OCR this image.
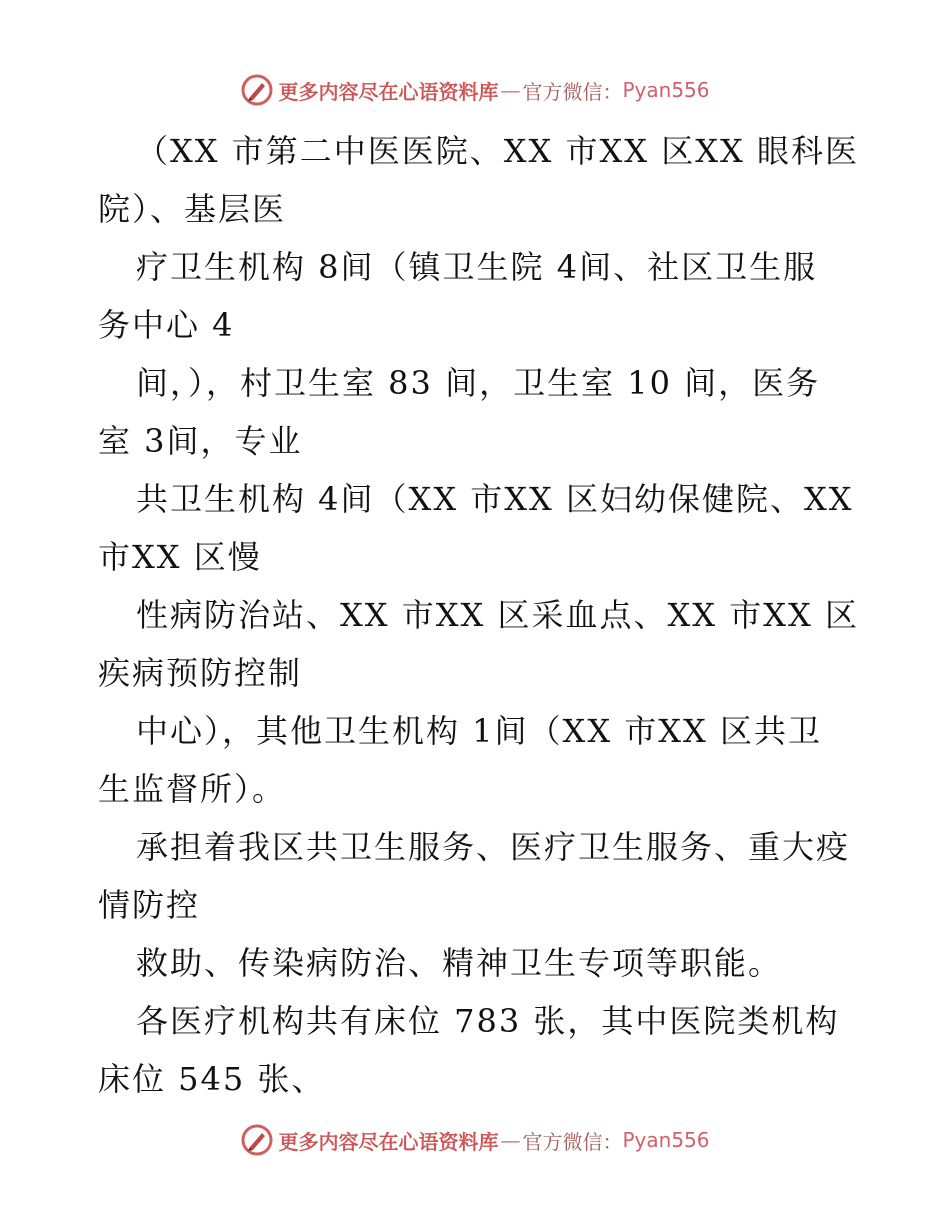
更多内容尽在心语资料库 — 官方微信： Pyan556
（XX 市第二中医医院、XX 市XX 区XX 眼科医
院）、基层医
疗卫生机构 8间（镇卫生院 4间、社区卫生服
务中心 4
间，），村卫生室 83 间，卫生室 10 间，医务
室 3间，专业
共卫生机构 4间（XX 市XX 区妇幼保健院、XX
市XX 区慢
性病防治站、XX 市XX 区采血点、XX 市XX 区
疾病预防控制
中心），其他卫生机构 1间（XX 市XX 区共卫
生监督所）。
承担着我区共卫生服务、医疗卫生服务、重大疫
情防控
救助、传染病防治、精神卫生专项等职能。
各医疗机构共有床位 783 张，其中医院类机构
床位 545 张、
更多内容尽在心语资料库 — 官方微信： Pyan556
